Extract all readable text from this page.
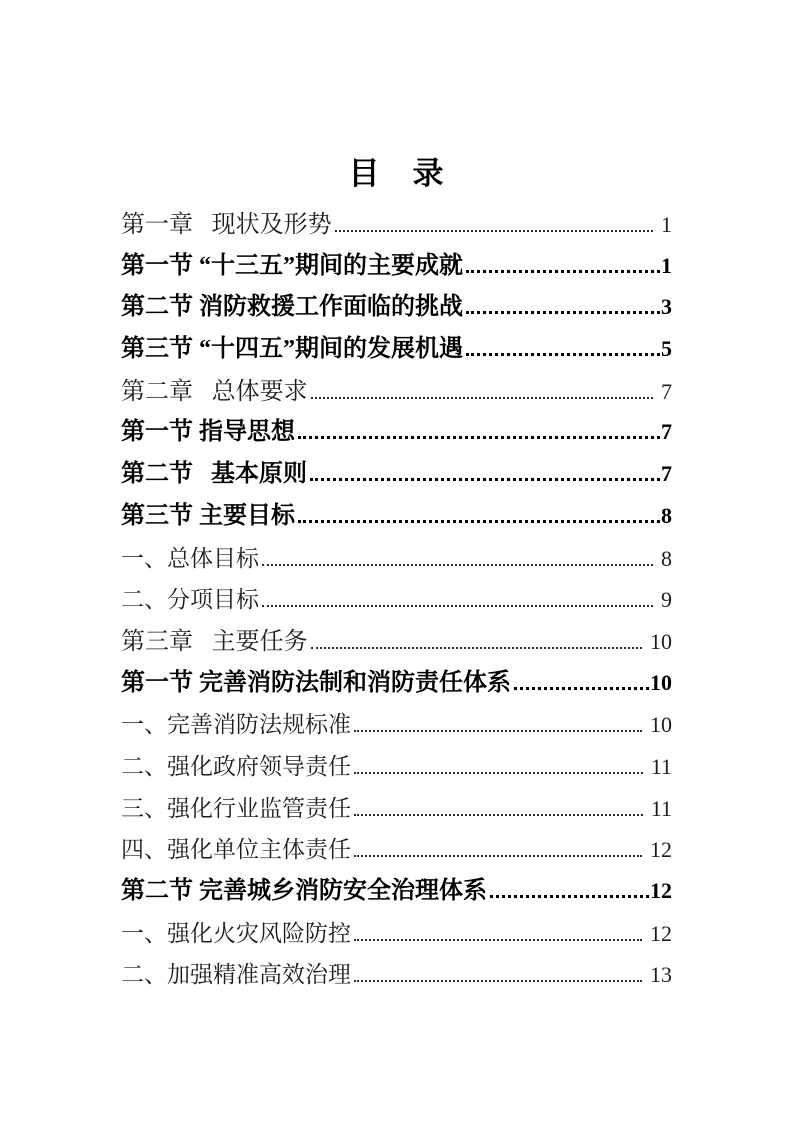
目　录
第一章  现状及形势	1
第一节 “十三五”期间的主要成就	1
第二节 消防救援工作面临的挑战	3
第三节 “十四五”期间的发展机遇	5
第二章  总体要求	7
第一节 指导思想	7
第二节  基本原则	7
第三节 主要目标	8
一、总体目标	8
二、分项目标	9
第三章  主要任务	10
第一节 完善消防法制和消防责任体系	10
一、完善消防法规标准	10
二、强化政府领导责任	11
三、强化行业监管责任	11
四、强化单位主体责任	12
第二节 完善城乡消防安全治理体系	12
一、强化火灾风险防控	12
二、加强精准高效治理	13
